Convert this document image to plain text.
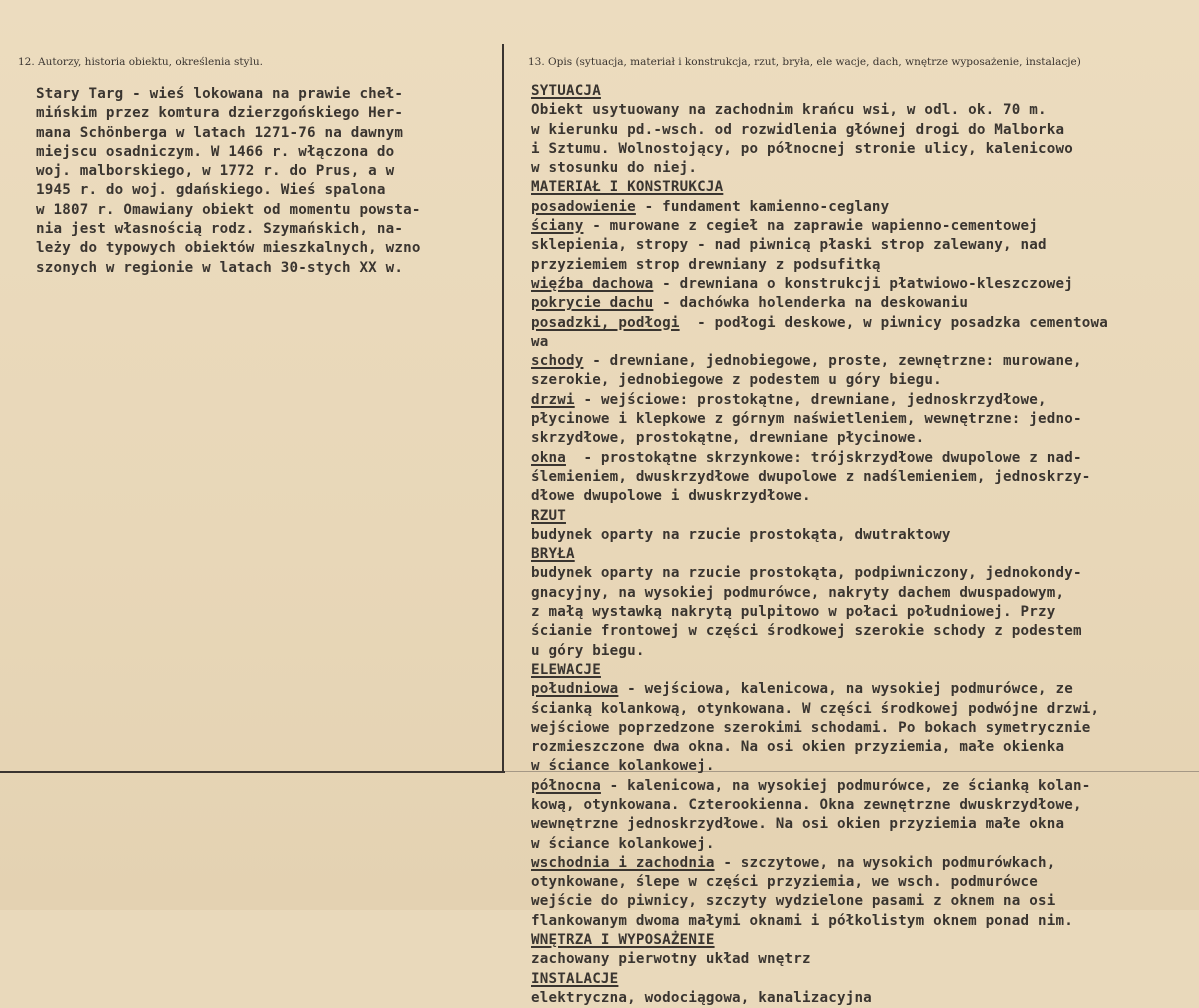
12. Autorzy, historia obiektu, określenia stylu.	13. Opis (sytuacja, materiał i konstrukcja, rzut, bryła, ele wacje, dach, wnętrze wyposażenie, instalacje)
Stary Targ - wieś lokowana na prawie cheł-
mińskim przez komtura dzierzgońskiego Her-
mana Schönberga w latach 1271-76 na dawnym
miejscu osadniczym. W 1466 r. włączona do
woj. malborskiego, w 1772 r. do Prus, a w
1945 r. do woj. gdańskiego. Wieś spalona
w 1807 r. Omawiany obiekt od momentu powsta-
nia jest własnością rodz. Szymańskich, na-
leży do typowych obiektów mieszkalnych, wzno
szonych w regionie w latach 30-stych XX w.
SYTUACJA
Obiekt usytuowany na zachodnim krańcu wsi, w odl. ok. 70 m.
w kierunku pd.-wsch. od rozwidlenia głównej drogi do Malborka
i Sztumu. Wolnostojący, po północnej stronie ulicy, kalenicowo
w stosunku do niej.
MATERIAŁ I KONSTRUKCJA
posadowienie - fundament kamienno-ceglany
ściany - murowane z cegieł na zaprawie wapienno-cementowej
sklepienia, stropy - nad piwnicą płaski strop zalewany, nad
przyziemiem strop drewniany z podsufitką
więźba dachowa - drewniana o konstrukcji płatwiowo-kleszczowej
pokrycie dachu - dachówka holenderka na deskowaniu
posadzki, podłogi  - podłogi deskowe, w piwnicy posadzka cementowa
wa
schody - drewniane, jednobiegowe, proste, zewnętrzne: murowane,
szerokie, jednobiegowe z podestem u góry biegu.
drzwi - wejściowe: prostokątne, drewniane, jednoskrzydłowe,
płycinowe i klepkowe z górnym naświetleniem, wewnętrzne: jedno-
skrzydłowe, prostokątne, drewniane płycinowe.
okna  - prostokątne skrzynkowe: trójskrzydłowe dwupolowe z nad-
ślemieniem, dwuskrzydłowe dwupolowe z nadślemieniem, jednoskrzy-
dłowe dwupolowe i dwuskrzydłowe.
RZUT
budynek oparty na rzucie prostokąta, dwutraktowy
BRYŁA
budynek oparty na rzucie prostokąta, podpiwniczony, jednokondy-
gnacyjny, na wysokiej podmurówce, nakryty dachem dwuspadowym,
z małą wystawką nakrytą pulpitowo w połaci południowej. Przy
ścianie frontowej w części środkowej szerokie schody z podestem
u góry biegu.
ELEWACJE
południowa - wejściowa, kalenicowa, na wysokiej podmurówce, ze
ścianką kolankową, otynkowana. W części środkowej podwójne drzwi,
wejściowe poprzedzone szerokimi schodami. Po bokach symetrycznie
rozmieszczone dwa okna. Na osi okien przyziemia, małe okienka
w ściance kolankowej.
północna - kalenicowa, na wysokiej podmurówce, ze ścianką kolan-
kową, otynkowana. Czterookienna. Okna zewnętrzne dwuskrzydłowe,
wewnętrzne jednoskrzydłowe. Na osi okien przyziemia małe okna
w ściance kolankowej.
wschodnia i zachodnia - szczytowe, na wysokich podmurówkach,
otynkowane, ślepe w części przyziemia, we wsch. podmurówce
wejście do piwnicy, szczyty wydzielone pasami z oknem na osi
flankowanym dwoma małymi oknami i półkolistym oknem ponad nim.
WNĘTRZA I WYPOSAŻENIE
zachowany pierwotny układ wnętrz
INSTALACJE
elektryczna, wodociągowa, kanalizacyjna
